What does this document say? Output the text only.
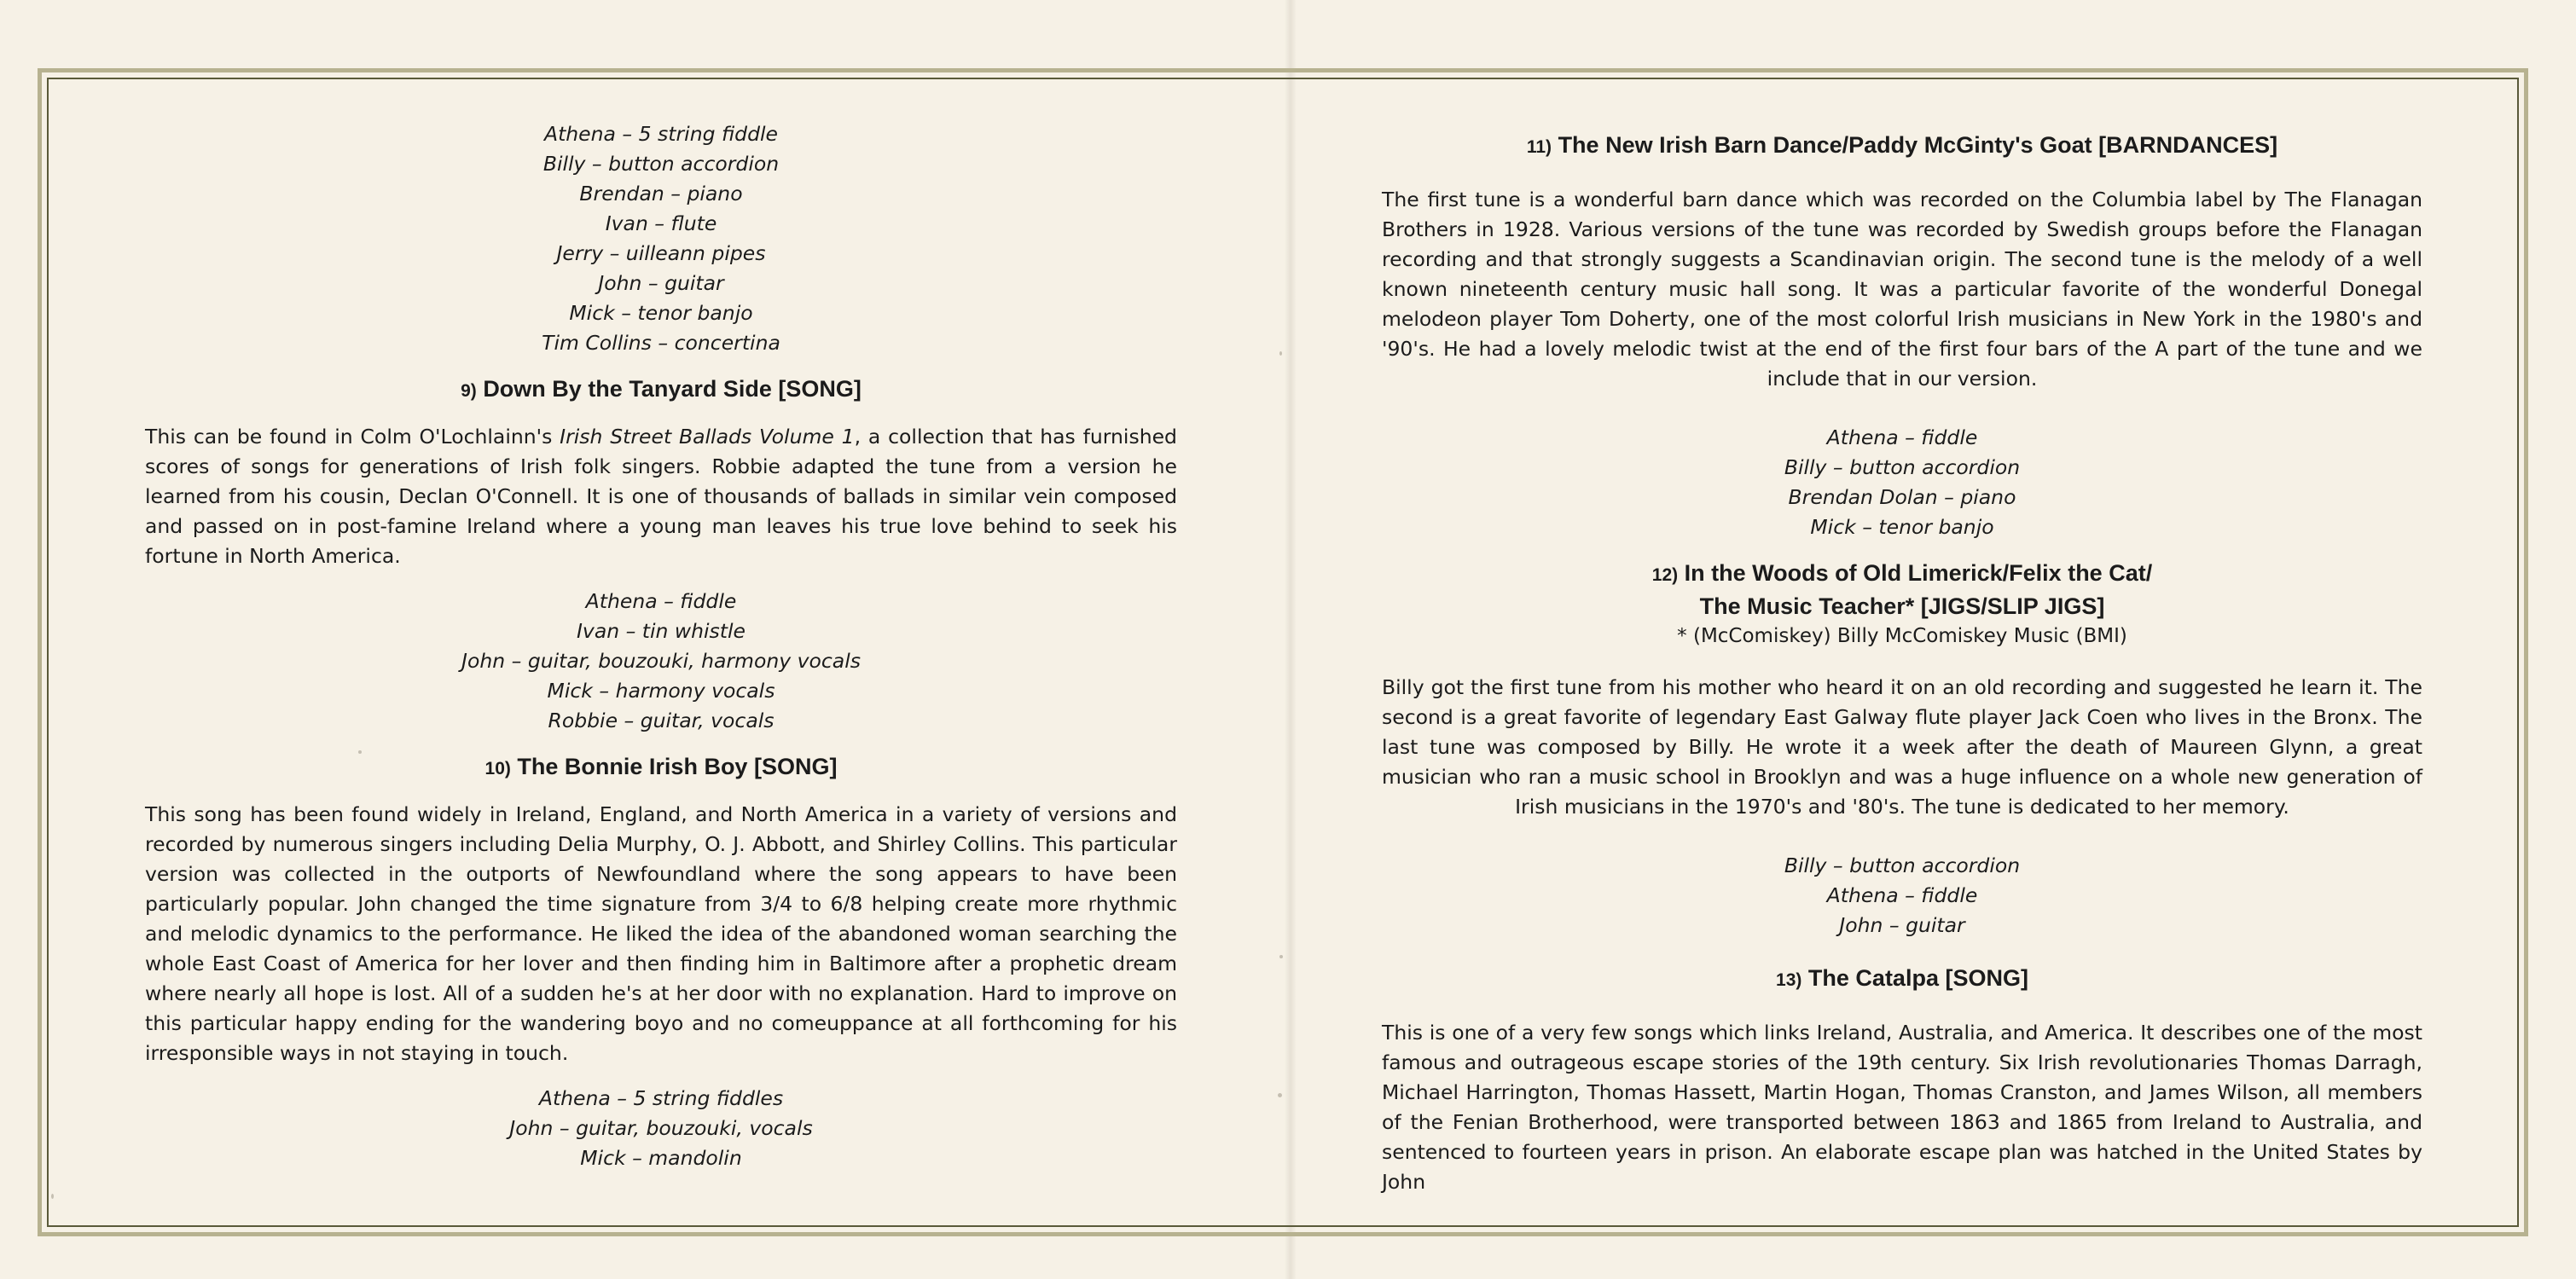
Athena – 5 string fiddle
Billy – button accordion
Brendan – piano
Ivan – flute
Jerry – uilleann pipes
John – guitar
Mick – tenor banjo
Tim Collins – concertina
9) Down By the Tanyard Side [SONG]

This can be found in Colm O'Lochlainn's Irish Street Ballads Volume 1, a collection that has furnished scores of songs for generations of Irish folk singers. Robbie adapted the tune from a version he learned from his cousin, Declan O'Connell. It is one of thousands of ballads in similar vein composed and passed on in post-famine Ireland where a young man leaves his true love behind to seek his fortune in North America.

Athena – fiddle
Ivan – tin whistle
John – guitar, bouzouki, harmony vocals
Mick – harmony vocals
Robbie – guitar, vocals
10) The Bonnie Irish Boy [SONG]

This song has been found widely in Ireland, England, and North America in a variety of versions and recorded by numerous singers including Delia Murphy, O. J. Abbott, and Shirley Collins. This particular version was collected in the outports of Newfoundland where the song appears to have been particularly popular. John changed the time signature from 3/4 to 6/8 helping create more rhythmic and melodic dynamics to the performance. He liked the idea of the abandoned woman searching the whole East Coast of America for her lover and then finding him in Baltimore after a prophetic dream where nearly all hope is lost. All of a sudden he's at her door with no explanation. Hard to improve on this particular happy ending for the wandering boyo and no comeuppance at all forthcoming for his irresponsible ways in not staying in touch.

Athena – 5 string fiddles
John – guitar, bouzouki, vocals
Mick – mandolin
11) The New Irish Barn Dance/Paddy McGinty's Goat [BARNDANCES]

The first tune is a wonderful barn dance which was recorded on the Columbia label by The Flanagan Brothers in 1928. Various versions of the tune was recorded by Swedish groups before the Flanagan recording and that strongly suggests a Scandinavian origin. The second tune is the melody of a well known nineteenth century music hall song. It was a particular favorite of the wonderful Donegal melodeon player Tom Doherty, one of the most colorful Irish musicians in New York in the 1980's and '90's. He had a lovely melodic twist at the end of the first four bars of the A part of the tune and we include that in our version.

Athena – fiddle
Billy – button accordion
Brendan Dolan – piano
Mick – tenor banjo
12) In the Woods of Old Limerick/Felix the Cat/
The Music Teacher* [JIGS/SLIP JIGS]

* (McComiskey) Billy McComiskey Music (BMI)

Billy got the first tune from his mother who heard it on an old recording and suggested he learn it. The second is a great favorite of legendary East Galway flute player Jack Coen who lives in the Bronx. The last tune was composed by Billy. He wrote it a week after the death of Maureen Glynn, a great musician who ran a music school in Brooklyn and was a huge influence on a whole new generation of Irish musicians in the 1970's and '80's. The tune is dedicated to her memory.

Billy – button accordion
Athena – fiddle
John – guitar
13) The Catalpa [SONG]

This is one of a very few songs which links Ireland, Australia, and America. It describes one of the most famous and outrageous escape stories of the 19th century. Six Irish revolutionaries Thomas Darragh, Michael Harrington, Thomas Hassett, Martin Hogan, Thomas Cranston, and James Wilson, all members of the Fenian Brotherhood, were transported between 1863 and 1865 from Ireland to Australia, and sentenced to fourteen years in prison. An elaborate escape plan was hatched in the United States by John
